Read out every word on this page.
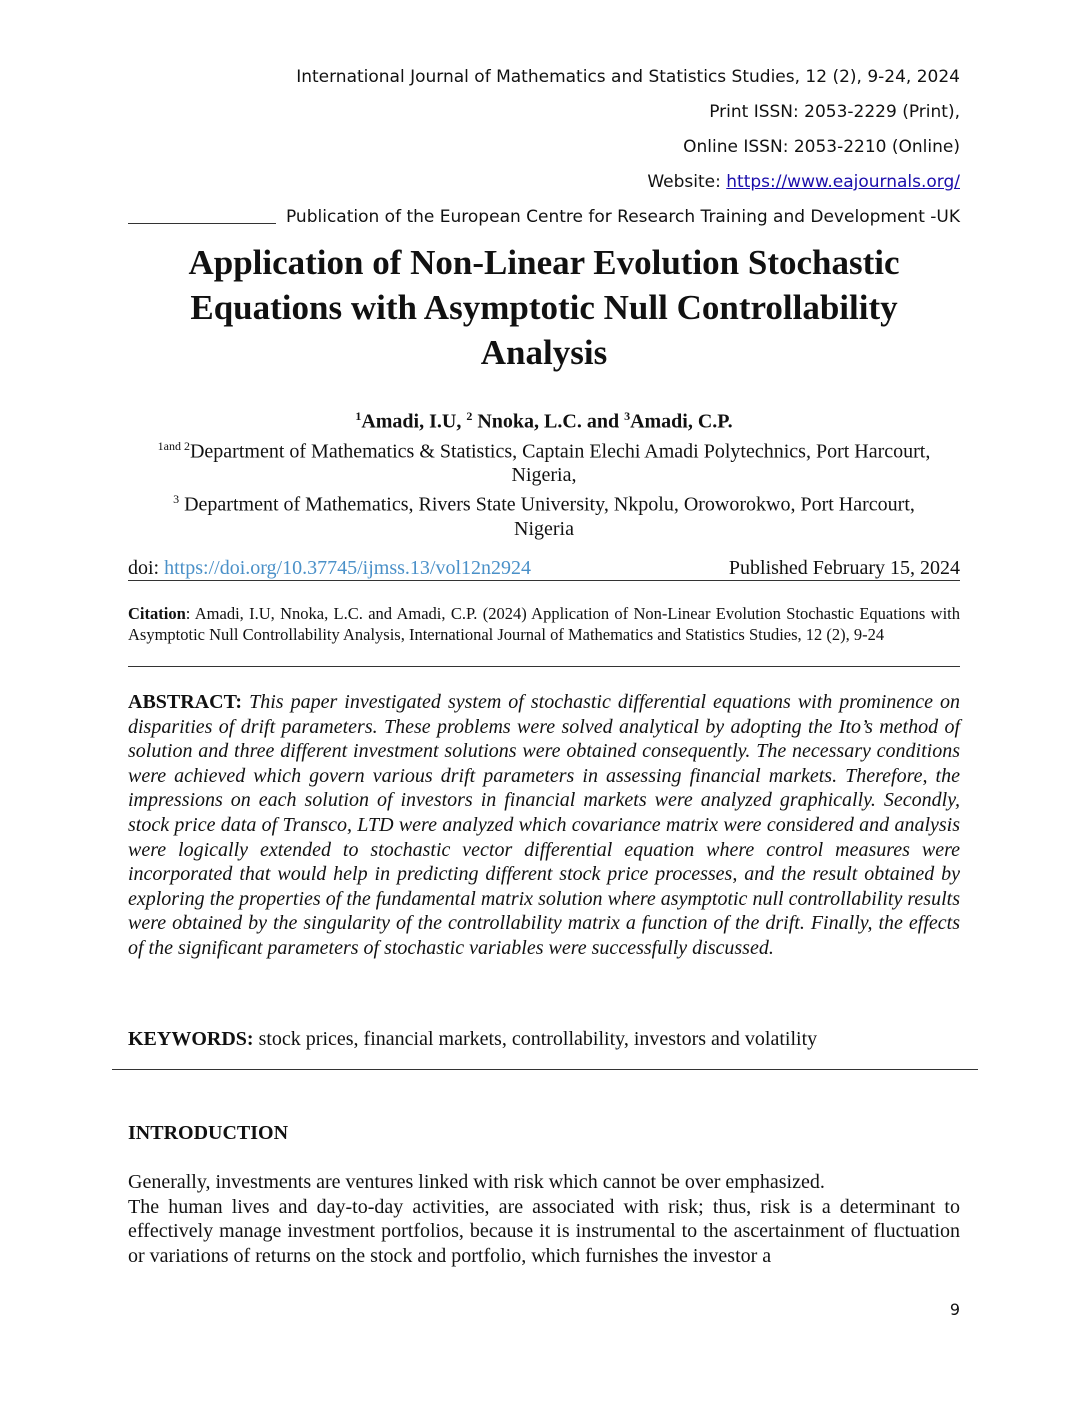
International Journal of Mathematics and Statistics Studies, 12 (2), 9-24, 2024
Print ISSN: 2053-2229 (Print),
Online ISSN: 2053-2210 (Online)
Website: https://www.eajournals.org/
Publication of the European Centre for Research Training and Development -UK
Application of Non-Linear Evolution Stochastic
Equations with Asymptotic Null Controllability
Analysis
$^1$Amadi, I.U, $^2$ Nnoka, L.C. and $^3$Amadi, C.P.
$^{1and 2}$Department of Mathematics & Statistics, Captain Elechi Amadi Polytechnics, Port Harcourt,
Nigeria,
$^3$ Department of Mathematics, Rivers State University, Nkpolu, Oroworokwo, Port Harcourt,
Nigeria
doi: https://doi.org/10.37745/ijmss.13/vol12n2924	Published February 15, 2024
Citation: Amadi, I.U, Nnoka, L.C. and Amadi, C.P. (2024) Application of Non-Linear Evolution Stochastic Equations with Asymptotic Null Controllability Analysis, International Journal of Mathematics and Statistics Studies, 12 (2), 9-24
ABSTRACT: This paper investigated system of stochastic differential equations with prominence on disparities of drift parameters. These problems were solved analytical by adopting the Ito’s method of solution and three different investment solutions were obtained consequently. The necessary conditions were achieved which govern various drift parameters in assessing financial markets. Therefore, the impressions on each solution of investors in financial markets were analyzed graphically. Secondly, stock price data of Transco, LTD were analyzed which covariance matrix were considered and analysis were logically extended to stochastic vector differential equation where control measures were incorporated that would help in predicting different stock price processes, and the result obtained by exploring the properties of the fundamental matrix solution where asymptotic null controllability results were obtained by the singularity of the controllability matrix a function of the drift. Finally, the effects of the significant parameters of stochastic variables were successfully discussed.
KEYWORDS: stock prices, financial markets, controllability, investors and volatility
INTRODUCTION

Generally, investments are ventures linked with risk which cannot be over emphasized.

The human lives and day-to-day activities, are associated with risk; thus, risk is a determinant to effectively manage investment portfolios, because it is instrumental to the ascertainment of fluctuation or variations of returns on the stock and portfolio, which furnishes the investor a

9
